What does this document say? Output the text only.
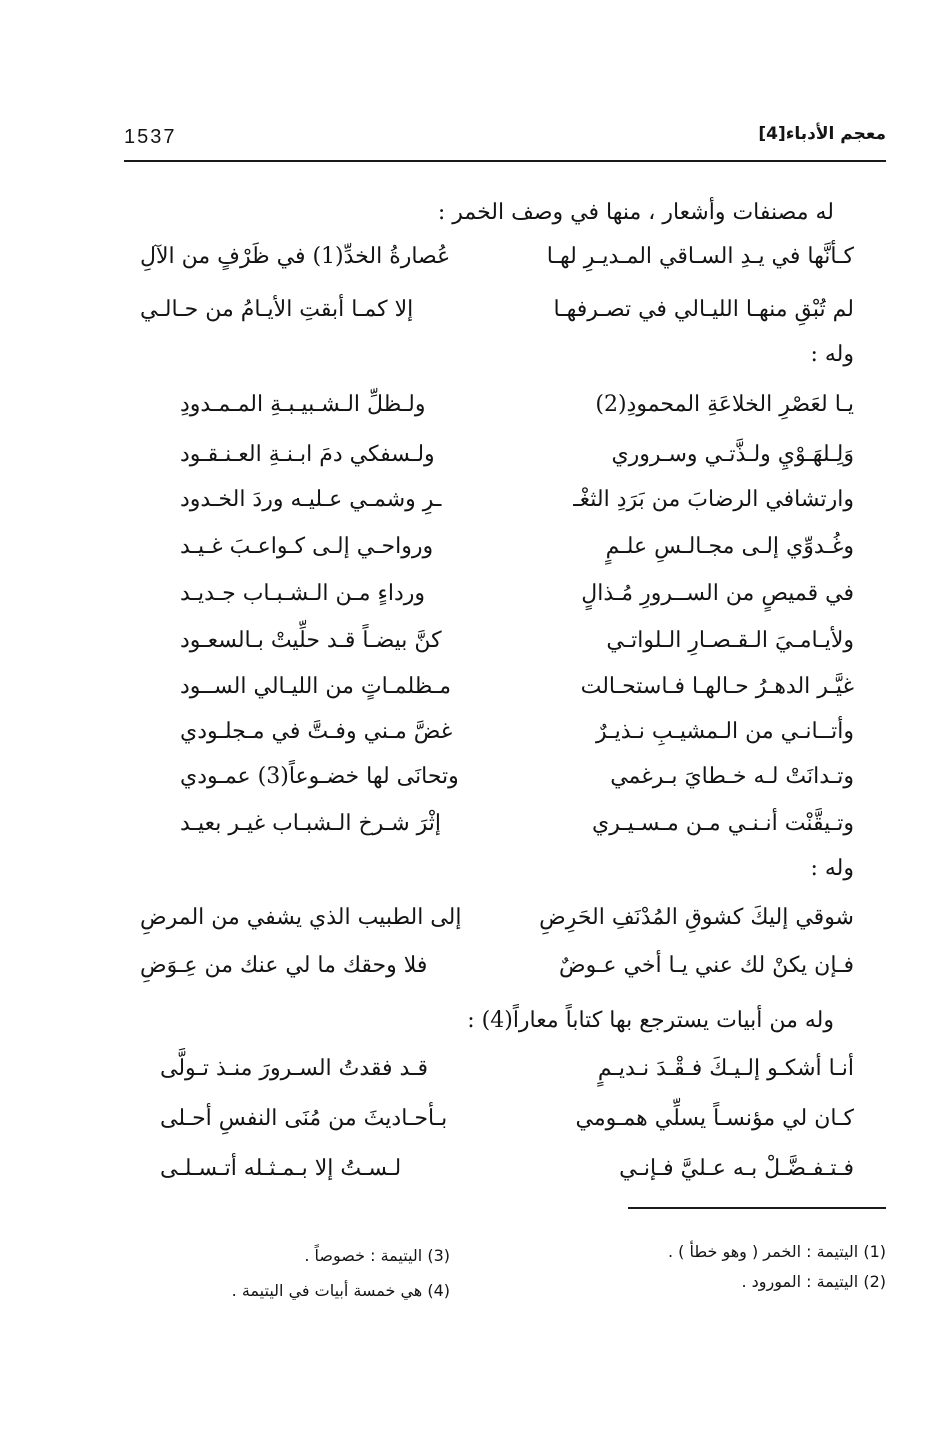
1537	معجم الأدباء[4]
له مصنفات وأشعار ، منها في وصف الخمر :
كـأنَّها في يـدِ السـاقي المـديـرِ لهـا
عُصارةُ الخدِّ(1) في ظَرْفٍ من الآلِ
لم تُبْقِ منهـا الليـالي في تصـرفهـا
إلا كمـا أبقتِ الأيـامُ من حـالـي
وله :
يـا لعَصْرِ الخلاعَةِ المحمودِ(2)
ولـظلِّ الـشـبيـبـةِ المـمـدودِ
وَلِـلهَـوْيِ ولـذَّتـي وسـروري
ولـسفكي دمَ ابـنـةِ العـنـقـود
وارتشافي الرضابَ من بَرَدِ الثغْـ
ـرِ وشمـي عـليـه وردَ الخـدود
وغُـدوِّي إلـى مجـالـسِ علـمٍ
ورواحـي إلـى كـواعـبَ غـيـد
في قميصٍ من الســرورِ مُـذالٍ
ورداءٍ مـن الـشـبـاب جـديـد
ولأيـامـيَ الـقـصـارِ الـلواتـي
كنَّ بيضـاً قـد حلِّيتْ بـالسعـود
غيَّـر الدهـرُ حـالهـا فـاستحـالت
مـظلمـاتٍ من الليـالي الســود
وأتــانـي من الـمشيـبِ نـذيـرٌ
غضَّ مـني وفـتَّ في مـجلـودي
وتـدانَتْ لـه خـطايَ بـرغمي
وتحانَى لها خضـوعاً(3) عمـودي
وتـيقَّنْت أنـنـي مـن مـسـيـري
إثْرَ شـرخ الـشبـاب غيـر بعيـد
وله :
شوقي إليكَ كشوقِ المُدْنَفِ الحَرِضِ
إلى الطبيب الذي يشفي من المرضِ
فـإن يكنْ لك عني يـا أخي عـوضٌ
فلا وحقك ما لي عنك من عِـوَضِ
وله من أبيات يسترجع بها كتاباً معاراً(4) :
أنـا أشكـو إلـيـكَ فـقْـدَ نـديـمٍ
قـد فقدتُ السـرورَ منـذ تـولَّى
كـان لي مؤنسـاً يسلِّي همـومي
بـأحـاديثَ من مُنَى النفسِ أحـلى
فـتـفـضَّـلْ بـه عـليَّ فـإنـي
لـسـتُ إلا بـمـثـله أتـسـلـى
(1) اليتيمة : الخمر ( وهو خطأ ) .
(2) اليتيمة : المورود .
(3) اليتيمة : خصوصاً .
(4) هي خمسة أبيات في اليتيمة .
